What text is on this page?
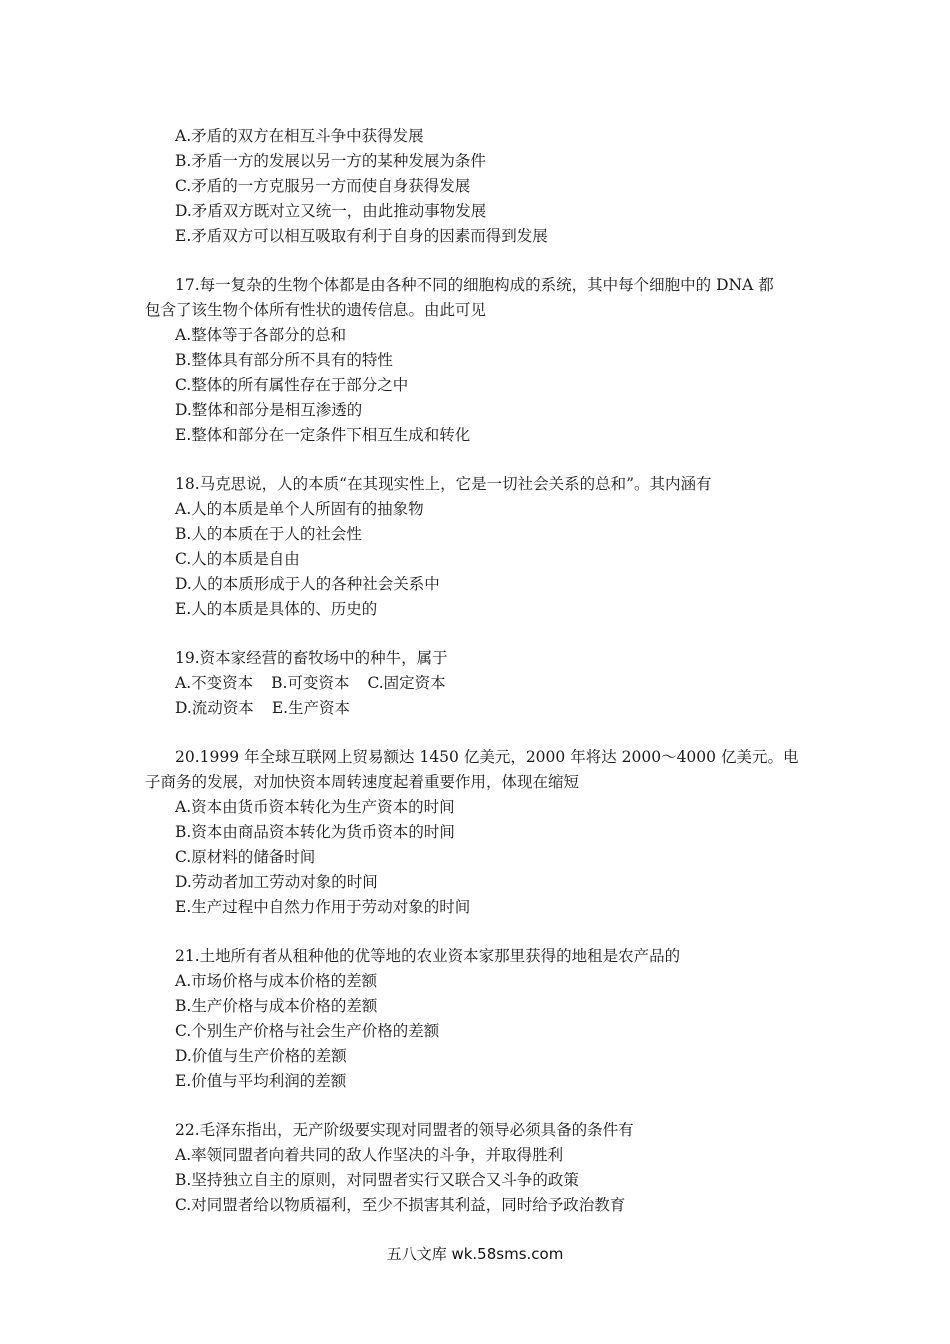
A.矛盾的双方在相互斗争中获得发展
B.矛盾一方的发展以另一方的某种发展为条件
C.矛盾的一方克服另一方而使自身获得发展
D.矛盾双方既对立又统一，由此推动事物发展
E.矛盾双方可以相互吸取有利于自身的因素而得到发展
17.每一复杂的生物个体都是由各种不同的细胞构成的系统，其中每个细胞中的 DNA 都
包含了该生物个体所有性状的遗传信息。由此可见
A.整体等于各部分的总和
B.整体具有部分所不具有的特性
C.整体的所有属性存在于部分之中
D.整体和部分是相互渗透的
E.整体和部分在一定条件下相互生成和转化
18.马克思说，人的本质“在其现实性上，它是一切社会关系的总和”。其内涵有
A.人的本质是单个人所固有的抽象物
B.人的本质在于人的社会性
C.人的本质是自由
D.人的本质形成于人的各种社会关系中
E.人的本质是具体的、历史的
19.资本家经营的畜牧场中的种牛，属于
A.不变资本 B.可变资本 C.固定资本
D.流动资本 E.生产资本
20.1999 年全球互联网上贸易额达 1450 亿美元，2000 年将达 2000～4000 亿美元。电
子商务的发展，对加快资本周转速度起着重要作用，体现在缩短
A.资本由货币资本转化为生产资本的时间
B.资本由商品资本转化为货币资本的时间
C.原材料的储备时间
D.劳动者加工劳动对象的时间
E.生产过程中自然力作用于劳动对象的时间
21.土地所有者从租种他的优等地的农业资本家那里获得的地租是农产品的
A.市场价格与成本价格的差额
B.生产价格与成本价格的差额
C.个别生产价格与社会生产价格的差额
D.价值与生产价格的差额
E.价值与平均利润的差额
22.毛泽东指出，无产阶级要实现对同盟者的领导必须具备的条件有
A.率领同盟者向着共同的敌人作坚决的斗争，并取得胜利
B.坚持独立自主的原则，对同盟者实行又联合又斗争的政策
C.对同盟者给以物质福利，至少不损害其利益，同时给予政治教育
五八文库 wk.58sms.com
